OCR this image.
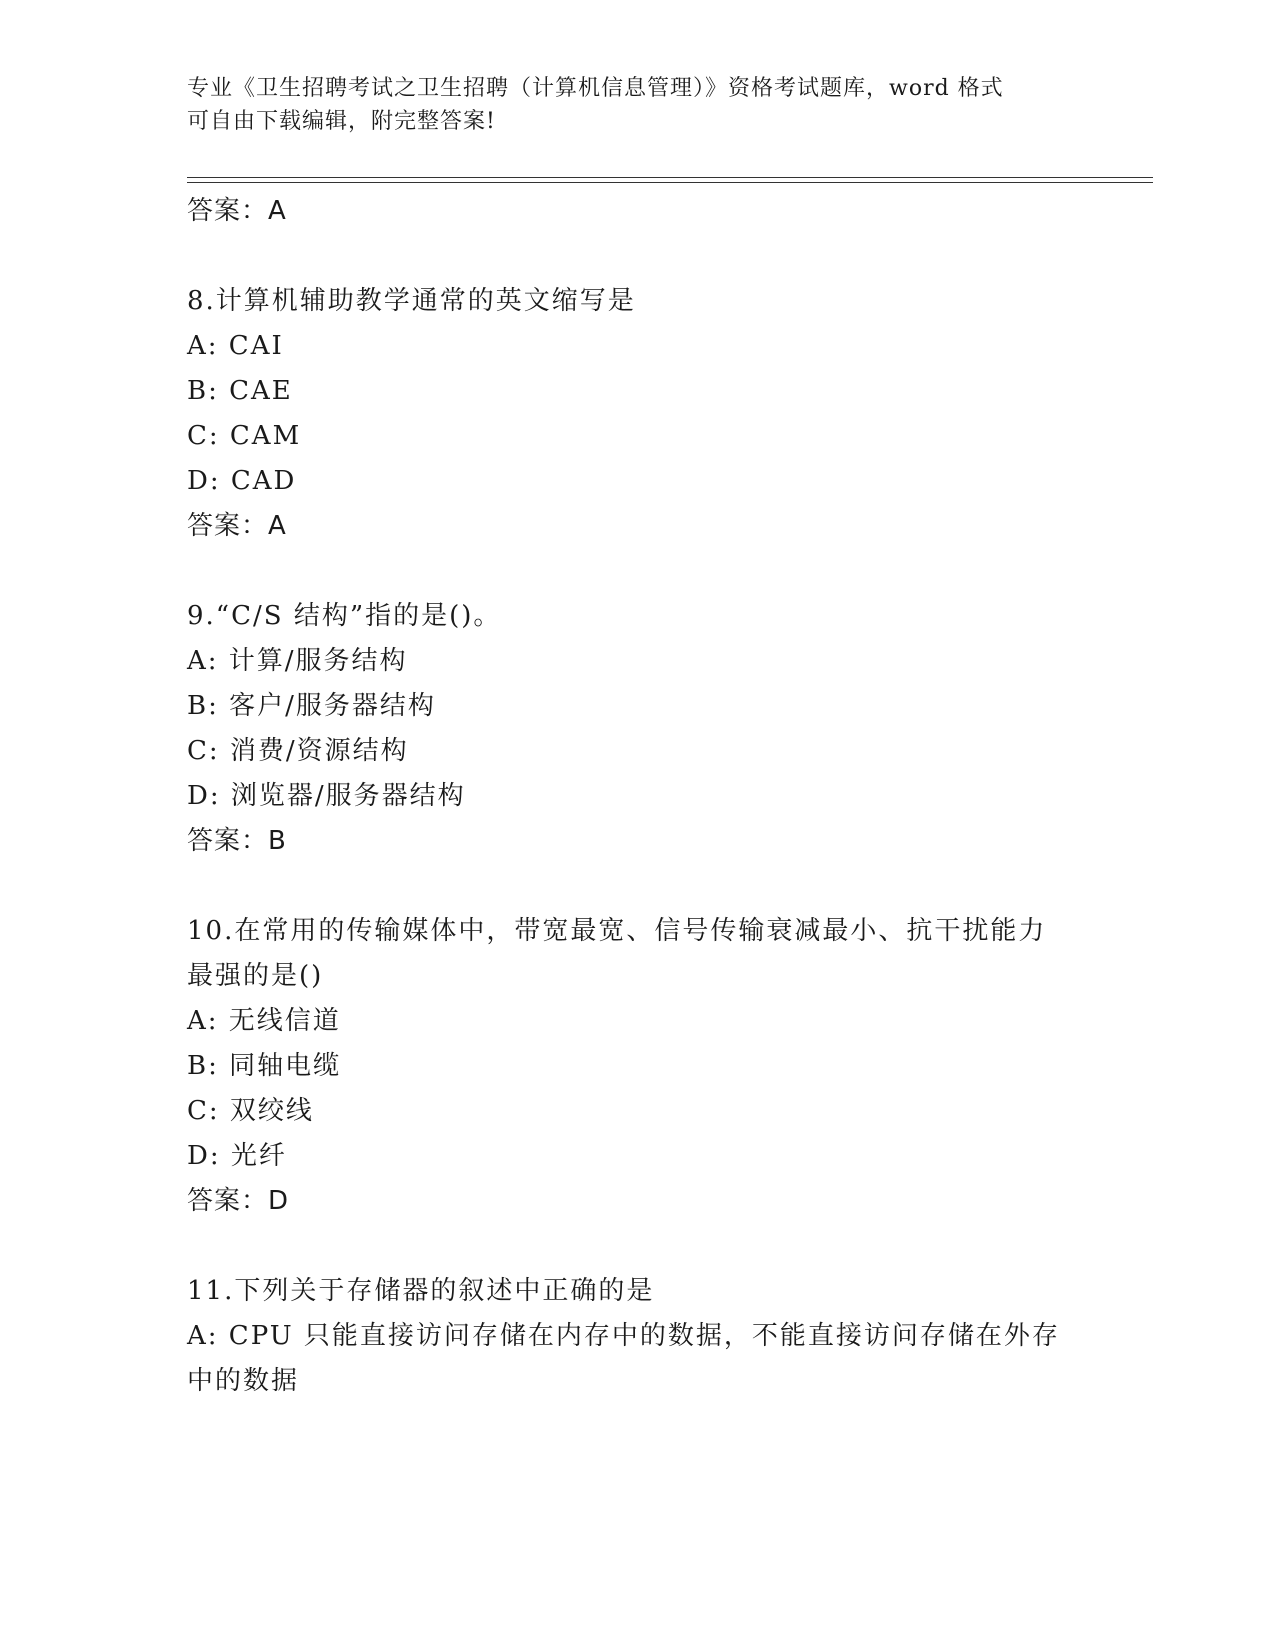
专业《卫生招聘考试之卫生招聘（计算机信息管理）》资格考试题库，word 格式
可自由下载编辑，附完整答案!
答案：A
8.计算机辅助教学通常的英文缩写是
A: CAI
B: CAE
C: CAM
D: CAD
答案：A
9.“C/S 结构”指的是()。
A: 计算/服务结构
B: 客户/服务器结构
C: 消费/资源结构
D: 浏览器/服务器结构
答案：B
10.在常用的传输媒体中，带宽最宽、信号传输衰减最小、抗干扰能力
最强的是()
A: 无线信道
B: 同轴电缆
C: 双绞线
D: 光纤
答案：D
11.下列关于存储器的叙述中正确的是
A: CPU 只能直接访问存储在内存中的数据，不能直接访问存储在外存
中的数据
